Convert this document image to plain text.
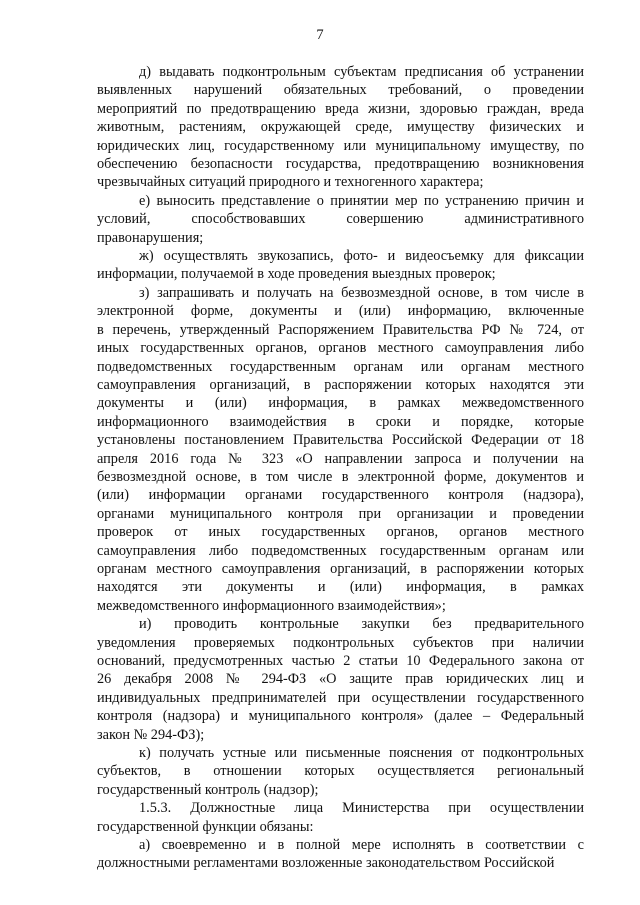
7
д) выдавать подконтрольным субъектам предписания об устранении
выявленных нарушений обязательных требований, о проведении
мероприятий по предотвращению вреда жизни, здоровью граждан, вреда
животным, растениям, окружающей среде, имуществу физических и
юридических лиц, государственному или муниципальному имуществу, по
обеспечению безопасности государства, предотвращению возникновения
чрезвычайных ситуаций природного и техногенного характера;
е) выносить представление о принятии мер по устранению причин и
условий, способствовавших совершению административного
правонарушения;
ж) осуществлять звукозапись, фото- и видеосъемку для фиксации
информации, получаемой в ходе проведения выездных проверок;
з) запрашивать и получать на безвозмездной основе, в том числе в
электронной форме, документы и (или) информацию, включенные
в перечень, утвержденный Распоряжением Правительства РФ № 724, от
иных государственных органов, органов местного самоуправления либо
подведомственных государственным органам или органам местного
самоуправления организаций, в распоряжении которых находятся эти
документы и (или) информация, в рамках межведомственного
информационного взаимодействия в сроки и порядке, которые
установлены постановлением Правительства Российской Федерации от 18
апреля 2016 года № 323 «О направлении запроса и получении на
безвозмездной основе, в том числе в электронной форме, документов и
(или) информации органами государственного контроля (надзора),
органами муниципального контроля при организации и проведении
проверок от иных государственных органов, органов местного
самоуправления либо подведомственных государственным органам или
органам местного самоуправления организаций, в распоряжении которых
находятся эти документы и (или) информация, в рамках
межведомственного информационного взаимодействия»;
и) проводить контрольные закупки без предварительного
уведомления проверяемых подконтрольных субъектов при наличии
оснований, предусмотренных частью 2 статьи 10 Федерального закона от
26 декабря 2008 № 294-ФЗ «О защите прав юридических лиц и
индивидуальных предпринимателей при осуществлении государственного
контроля (надзора) и муниципального контроля» (далее – Федеральный
закон № 294-ФЗ);
к) получать устные или письменные пояснения от подконтрольных
субъектов, в отношении которых осуществляется региональный
государственный контроль (надзор);
1.5.3. Должностные лица Министерства при осуществлении
государственной функции обязаны:
а) своевременно и в полной мере исполнять в соответствии с
должностными регламентами возложенные законодательством Российской
